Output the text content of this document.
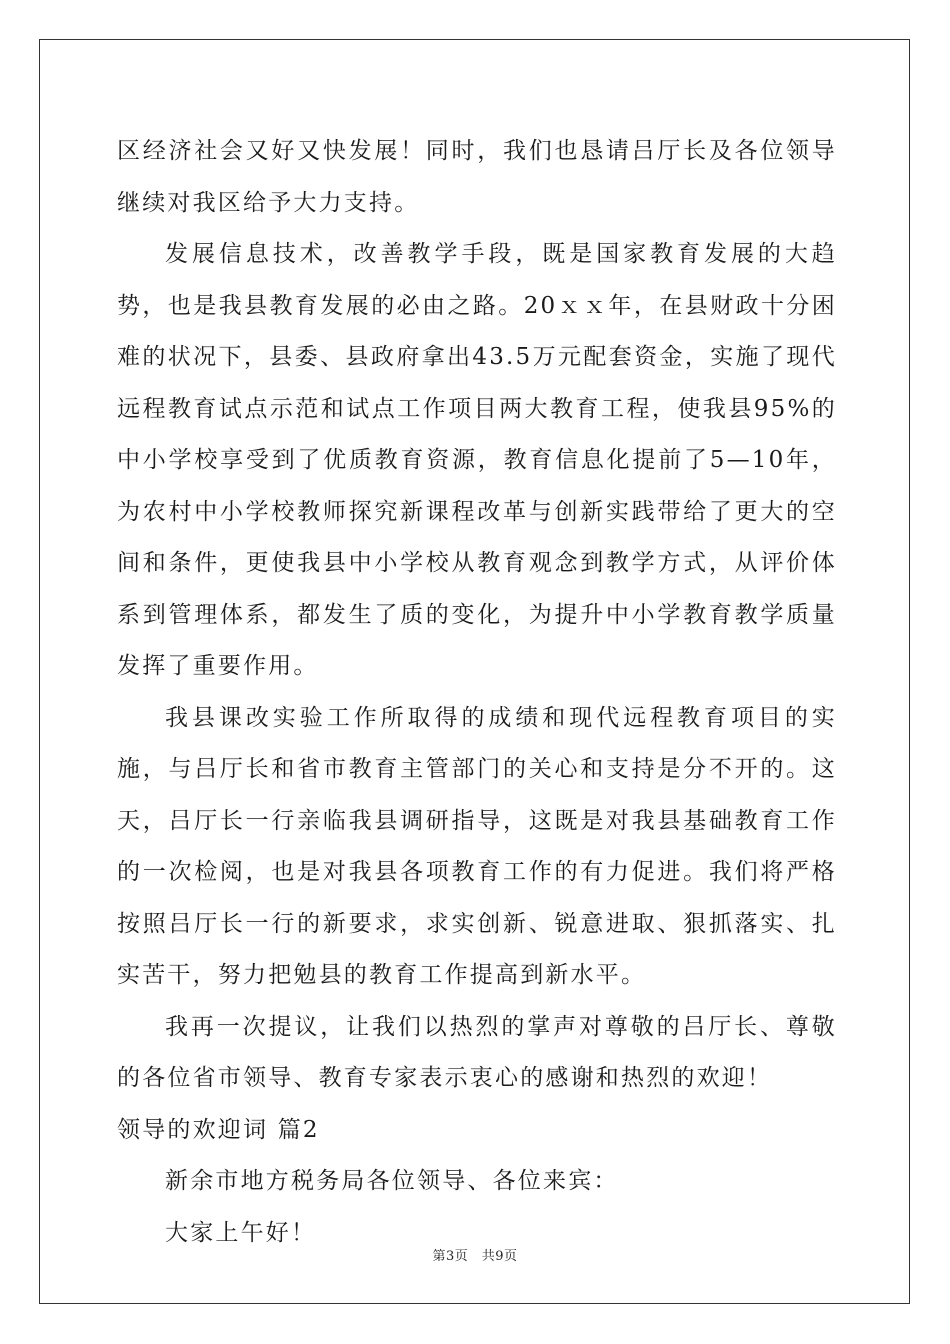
区经济社会又好又快发展！同时，我们也恳请吕厅长及各位领导继续对我区给予大力支持。

发展信息技术，改善教学手段，既是国家教育发展的大趋势，也是我县教育发展的必由之路。20ｘｘ年，在县财政十分困难的状况下，县委、县政府拿出43.5万元配套资金，实施了现代远程教育试点示范和试点工作项目两大教育工程，使我县95%的中小学校享受到了优质教育资源，教育信息化提前了5—10年，为农村中小学校教师探究新课程改革与创新实践带给了更大的空间和条件，更使我县中小学校从教育观念到教学方式，从评价体系到管理体系，都发生了质的变化，为提升中小学教育教学质量发挥了重要作用。

我县课改实验工作所取得的成绩和现代远程教育项目的实施，与吕厅长和省市教育主管部门的关心和支持是分不开的。这天，吕厅长一行亲临我县调研指导，这既是对我县基础教育工作的一次检阅，也是对我县各项教育工作的有力促进。我们将严格按照吕厅长一行的新要求，求实创新、锐意进取、狠抓落实、扎实苦干，努力把勉县的教育工作提高到新水平。

我再一次提议，让我们以热烈的掌声对尊敬的吕厅长、尊敬的各位省市领导、教育专家表示衷心的感谢和热烈的欢迎！

领导的欢迎词 篇2

新余市地方税务局各位领导、各位来宾：

大家上午好！

第3页　共9页
